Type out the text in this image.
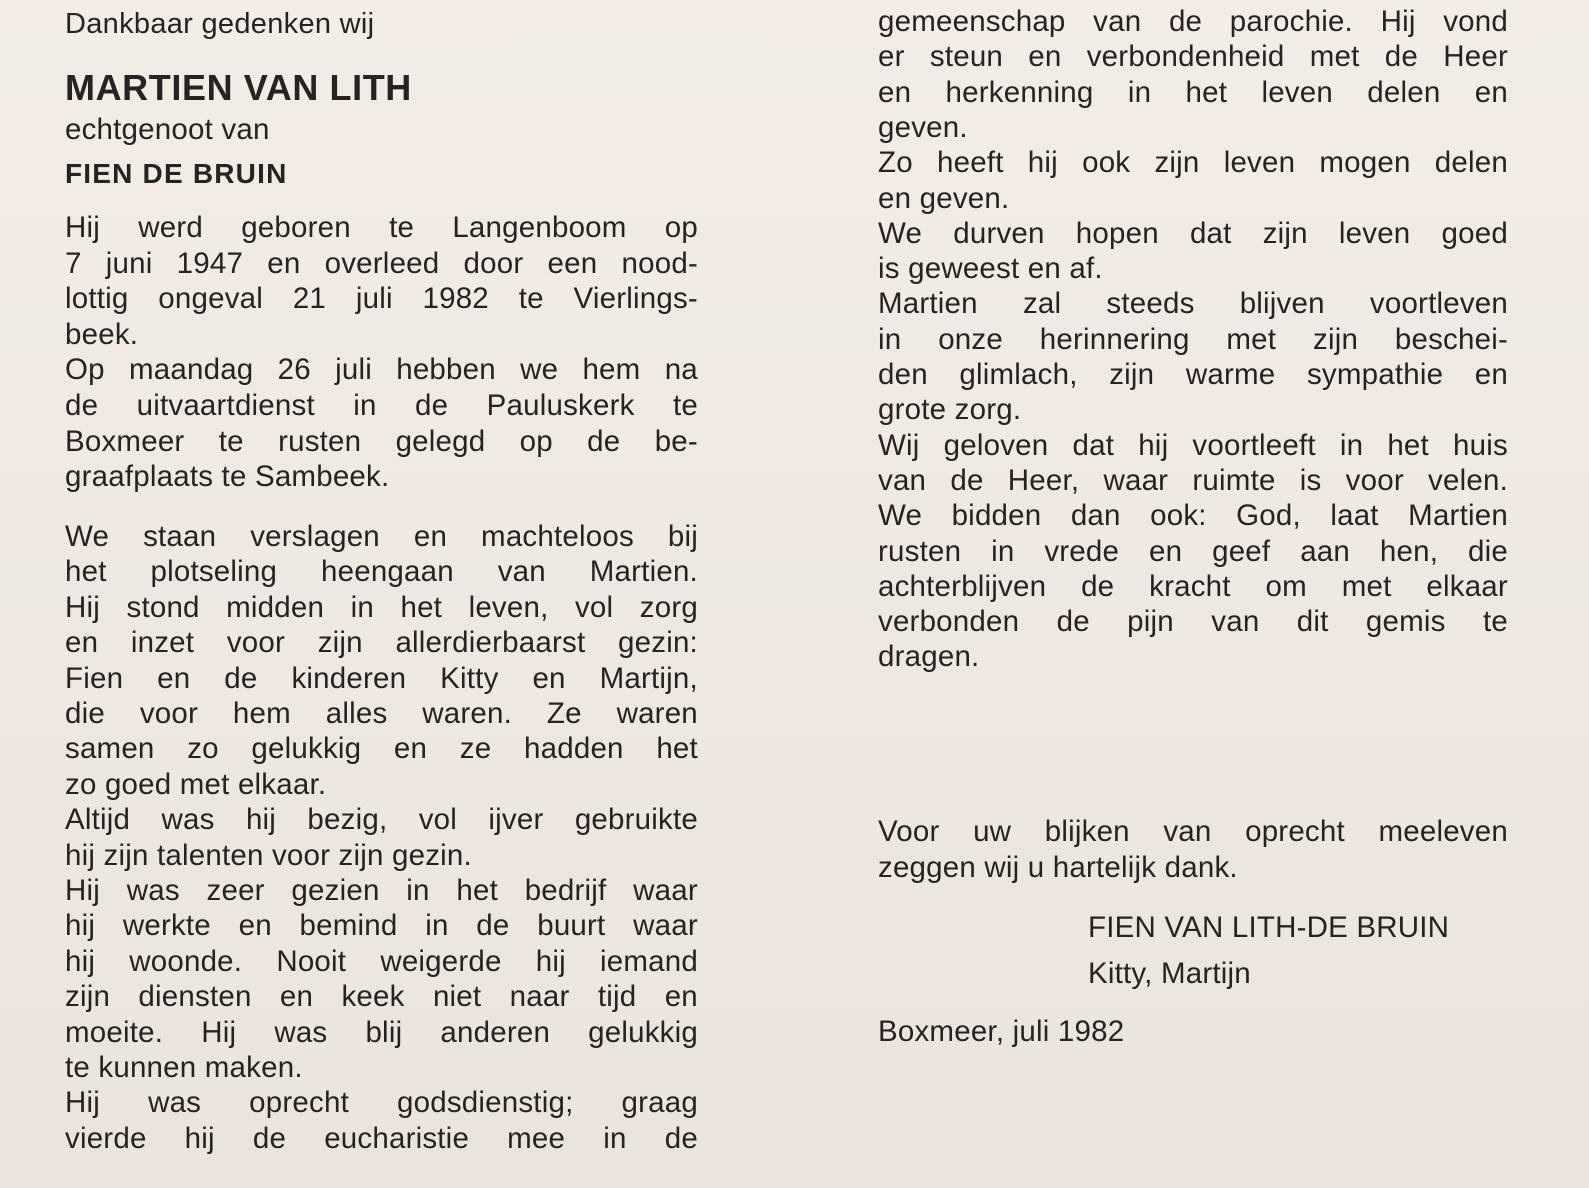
Dankbaar gedenken wij
MARTIEN VAN LITH
echtgenoot van
FIEN DE BRUIN
Hij werd geboren te Langenboom op
7 juni 1947 en overleed door een nood-
lottig ongeval 21 juli 1982 te Vierlings-
beek.
Op maandag 26 juli hebben we hem na
de uitvaartdienst in de Pauluskerk te
Boxmeer te rusten gelegd op de be-
graafplaats te Sambeek.
We staan verslagen en machteloos bij
het plotseling heengaan van Martien.
Hij stond midden in het leven, vol zorg
en inzet voor zijn allerdierbaarst gezin:
Fien en de kinderen Kitty en Martijn,
die voor hem alles waren. Ze waren
samen zo gelukkig en ze hadden het
zo goed met elkaar.
Altijd was hij bezig, vol ijver gebruikte
hij zijn talenten voor zijn gezin.
Hij was zeer gezien in het bedrijf waar
hij werkte en bemind in de buurt waar
hij woonde. Nooit weigerde hij iemand
zijn diensten en keek niet naar tijd en
moeite. Hij was blij anderen gelukkig
te kunnen maken.
Hij was oprecht godsdienstig; graag
vierde hij de eucharistie mee in de
gemeenschap van de parochie. Hij vond
er steun en verbondenheid met de Heer
en herkenning in het leven delen en
geven.
Zo heeft hij ook zijn leven mogen delen
en geven.
We durven hopen dat zijn leven goed
is geweest en af.
Martien zal steeds blijven voortleven
in onze herinnering met zijn beschei-
den glimlach, zijn warme sympathie en
grote zorg.
Wij geloven dat hij voortleeft in het huis
van de Heer, waar ruimte is voor velen.
We bidden dan ook: God, laat Martien
rusten in vrede en geef aan hen, die
achterblijven de kracht om met elkaar
verbonden de pijn van dit gemis te
dragen.
Voor uw blijken van oprecht meeleven
zeggen wij u hartelijk dank.
FIEN VAN LITH-DE BRUIN
Kitty, Martijn
Boxmeer, juli 1982
